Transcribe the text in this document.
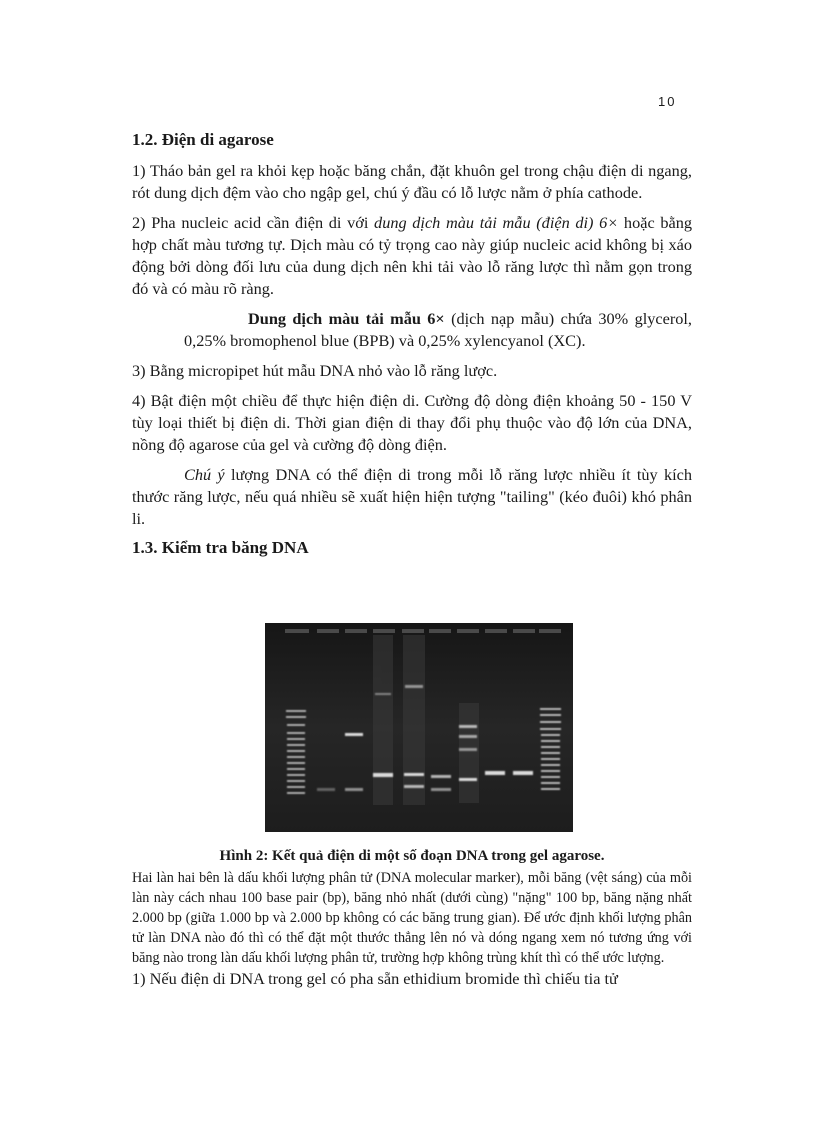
10
1.2. Điện di agarose

1) Tháo bản gel ra khỏi kẹp hoặc băng chắn, đặt khuôn gel trong chậu điện di ngang, rót dung dịch đệm vào cho ngập gel, chú ý đầu có lỗ lược nằm ở phía cathode.

2) Pha nucleic acid cần điện di với dung dịch màu tải mẫu (điện di) 6× hoặc bằng hợp chất màu tương tự. Dịch màu có tỷ trọng cao này giúp nucleic acid không bị xáo động bởi dòng đối lưu của dung dịch nên khi tải vào lỗ răng lược thì nằm gọn trong đó và có màu rõ ràng.

Dung dịch màu tải mẫu 6× (dịch nạp mẫu) chứa 30% glycerol, 0,25% bromophenol blue (BPB) và 0,25% xylencyanol (XC).

3) Bằng micropipet hút mẫu DNA nhỏ vào lỗ răng lược.

4) Bật điện một chiều để thực hiện điện di. Cường độ dòng điện khoảng 50 - 150 V tùy loại thiết bị điện di. Thời gian điện di thay đổi phụ thuộc vào độ lớn của DNA, nồng độ agarose của gel và cường độ dòng điện.

Chú ý lượng DNA có thể điện di trong mỗi lỗ răng lược nhiều ít tùy kích thước răng lược, nếu quá nhiều sẽ xuất hiện hiện tượng "tailing" (kéo đuôi) khó phân li.

1.3. Kiểm tra băng DNA
Hình 2: Kết quả điện di một số đoạn DNA trong gel agarose.
Hai làn hai bên là dấu khối lượng phân tử (DNA molecular marker), mỗi băng (vệt sáng) của mỗi làn này cách nhau 100 base pair (bp), băng nhỏ nhất (dưới cùng) "nặng" 100 bp, băng nặng nhất 2.000 bp (giữa 1.000 bp và 2.000 bp không có các băng trung gian). Để ước định khối lượng phân tử làn DNA nào đó thì có thể đặt một thước thẳng lên nó và dóng ngang xem nó tương ứng với băng nào trong làn dấu khối lượng phân tử, trường hợp không trùng khít thì có thể ước lượng.
1) Nếu điện di DNA trong gel có pha sẵn ethidium bromide thì chiếu tia tử
